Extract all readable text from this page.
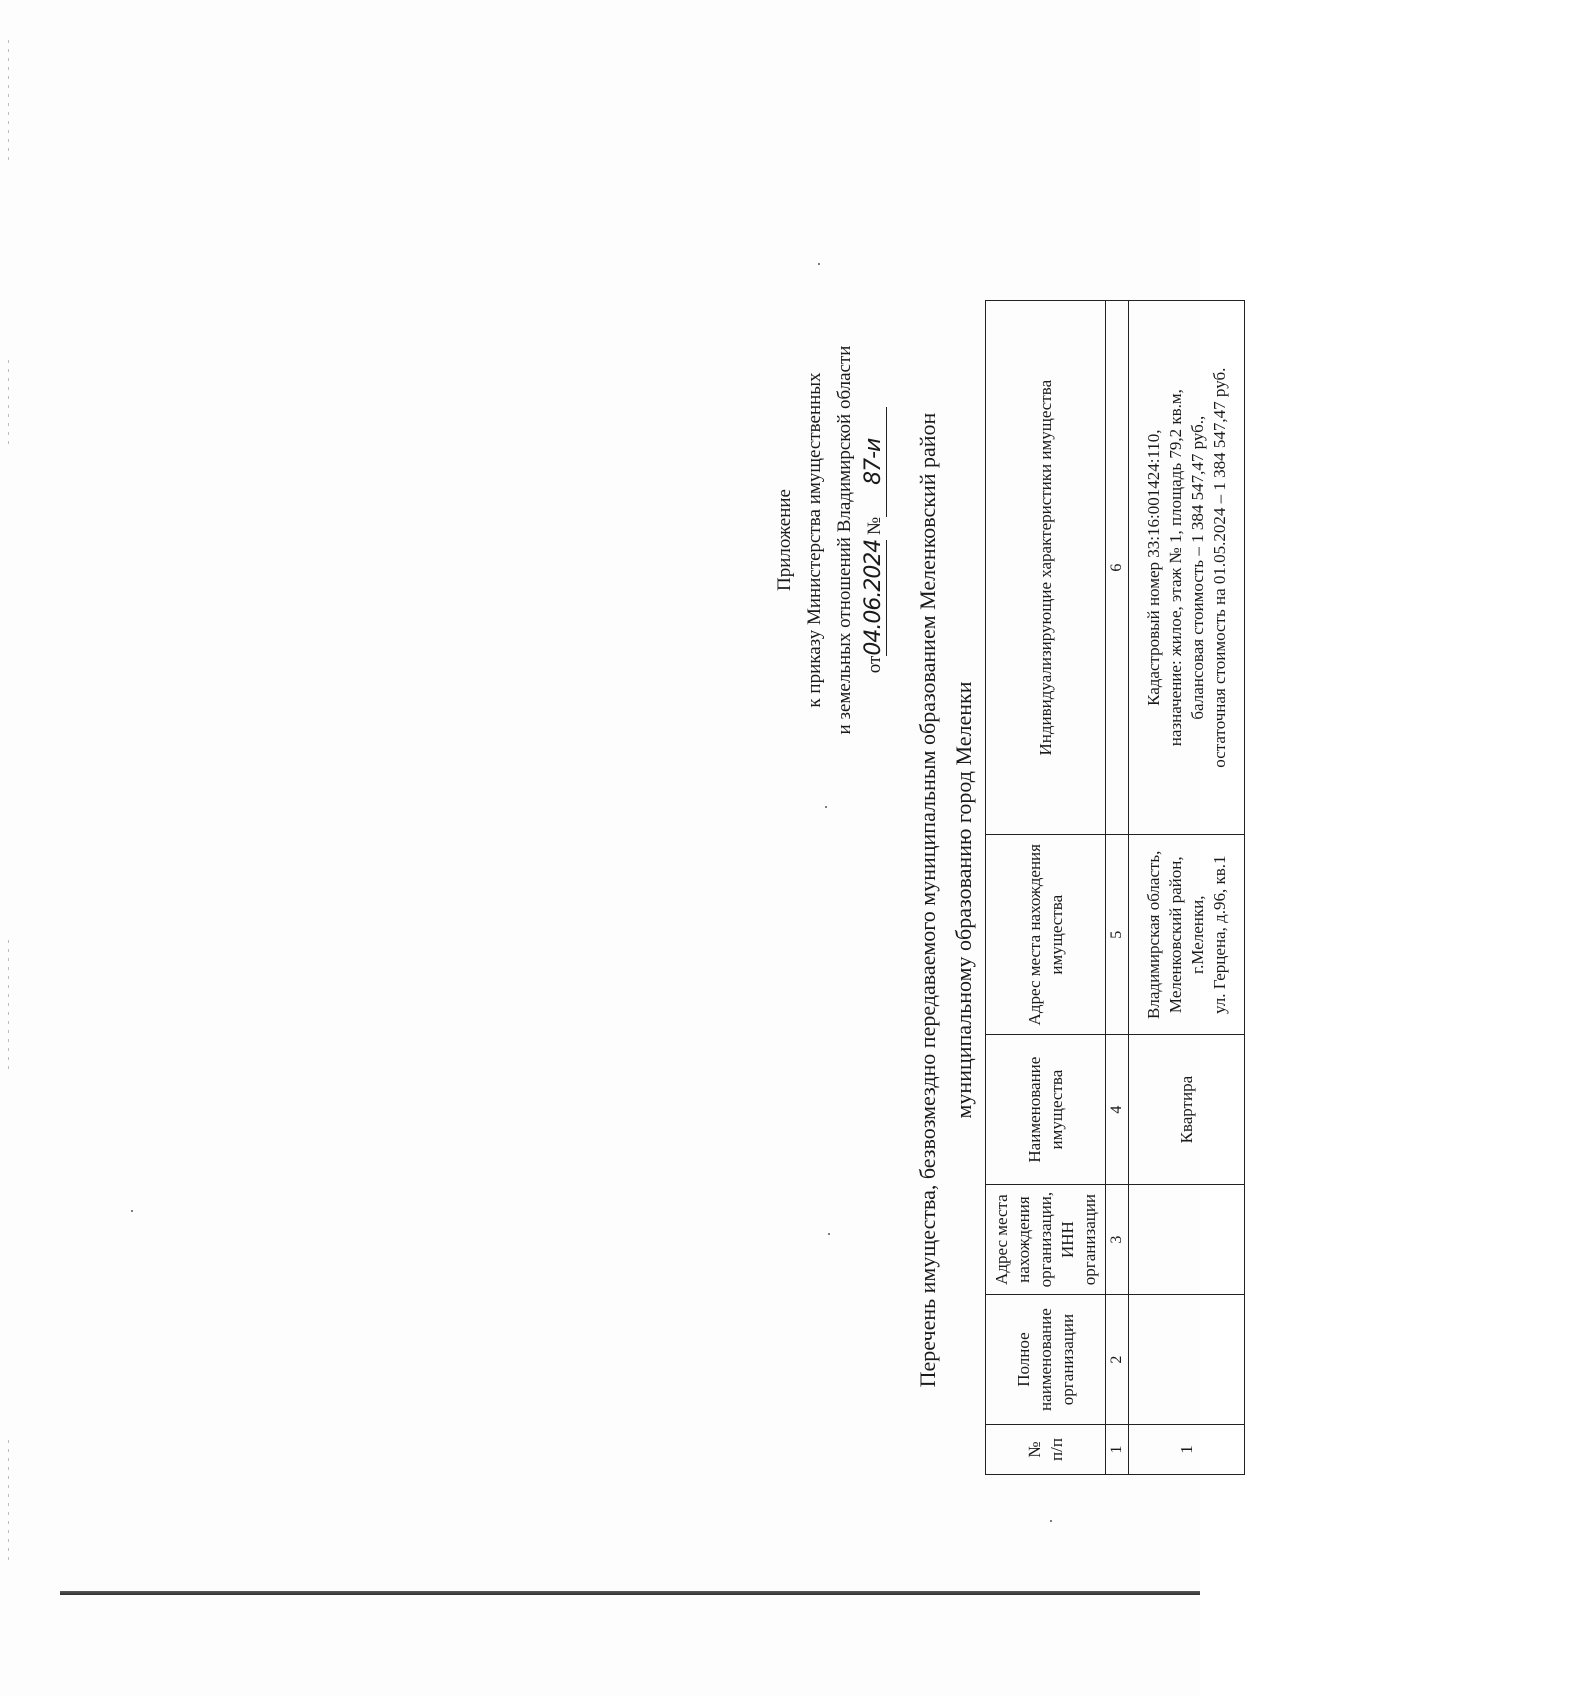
Приложение к приказу Министерства имущественных и земельных отношений Владимирской области от04.06.2024 №87-и Перечень имущества, безвозмездно передаваемого муниципальным образованием Меленковский район муниципальному образованию город Меленки
№ п/п	Полное наименование организации	Адрес места нахождения организации, ИНН организации	Наименование имущества	Адрес места нахождения имущества	Индивидуализирующие характеристики имущества

1	2	3	4	5	6
1			Квартира	Владимирская область, Меленковский район, г.Меленки, ул. Герцена, д.96, кв.1	Кадастровый номер 33:16:001424:110, назначение: жилое, этаж № 1, площадь 79,2 кв.м, балансовая стоимость – 1 384 547,47 руб., остаточная стоимость на 01.05.2024 – 1 384 547,47 руб.
